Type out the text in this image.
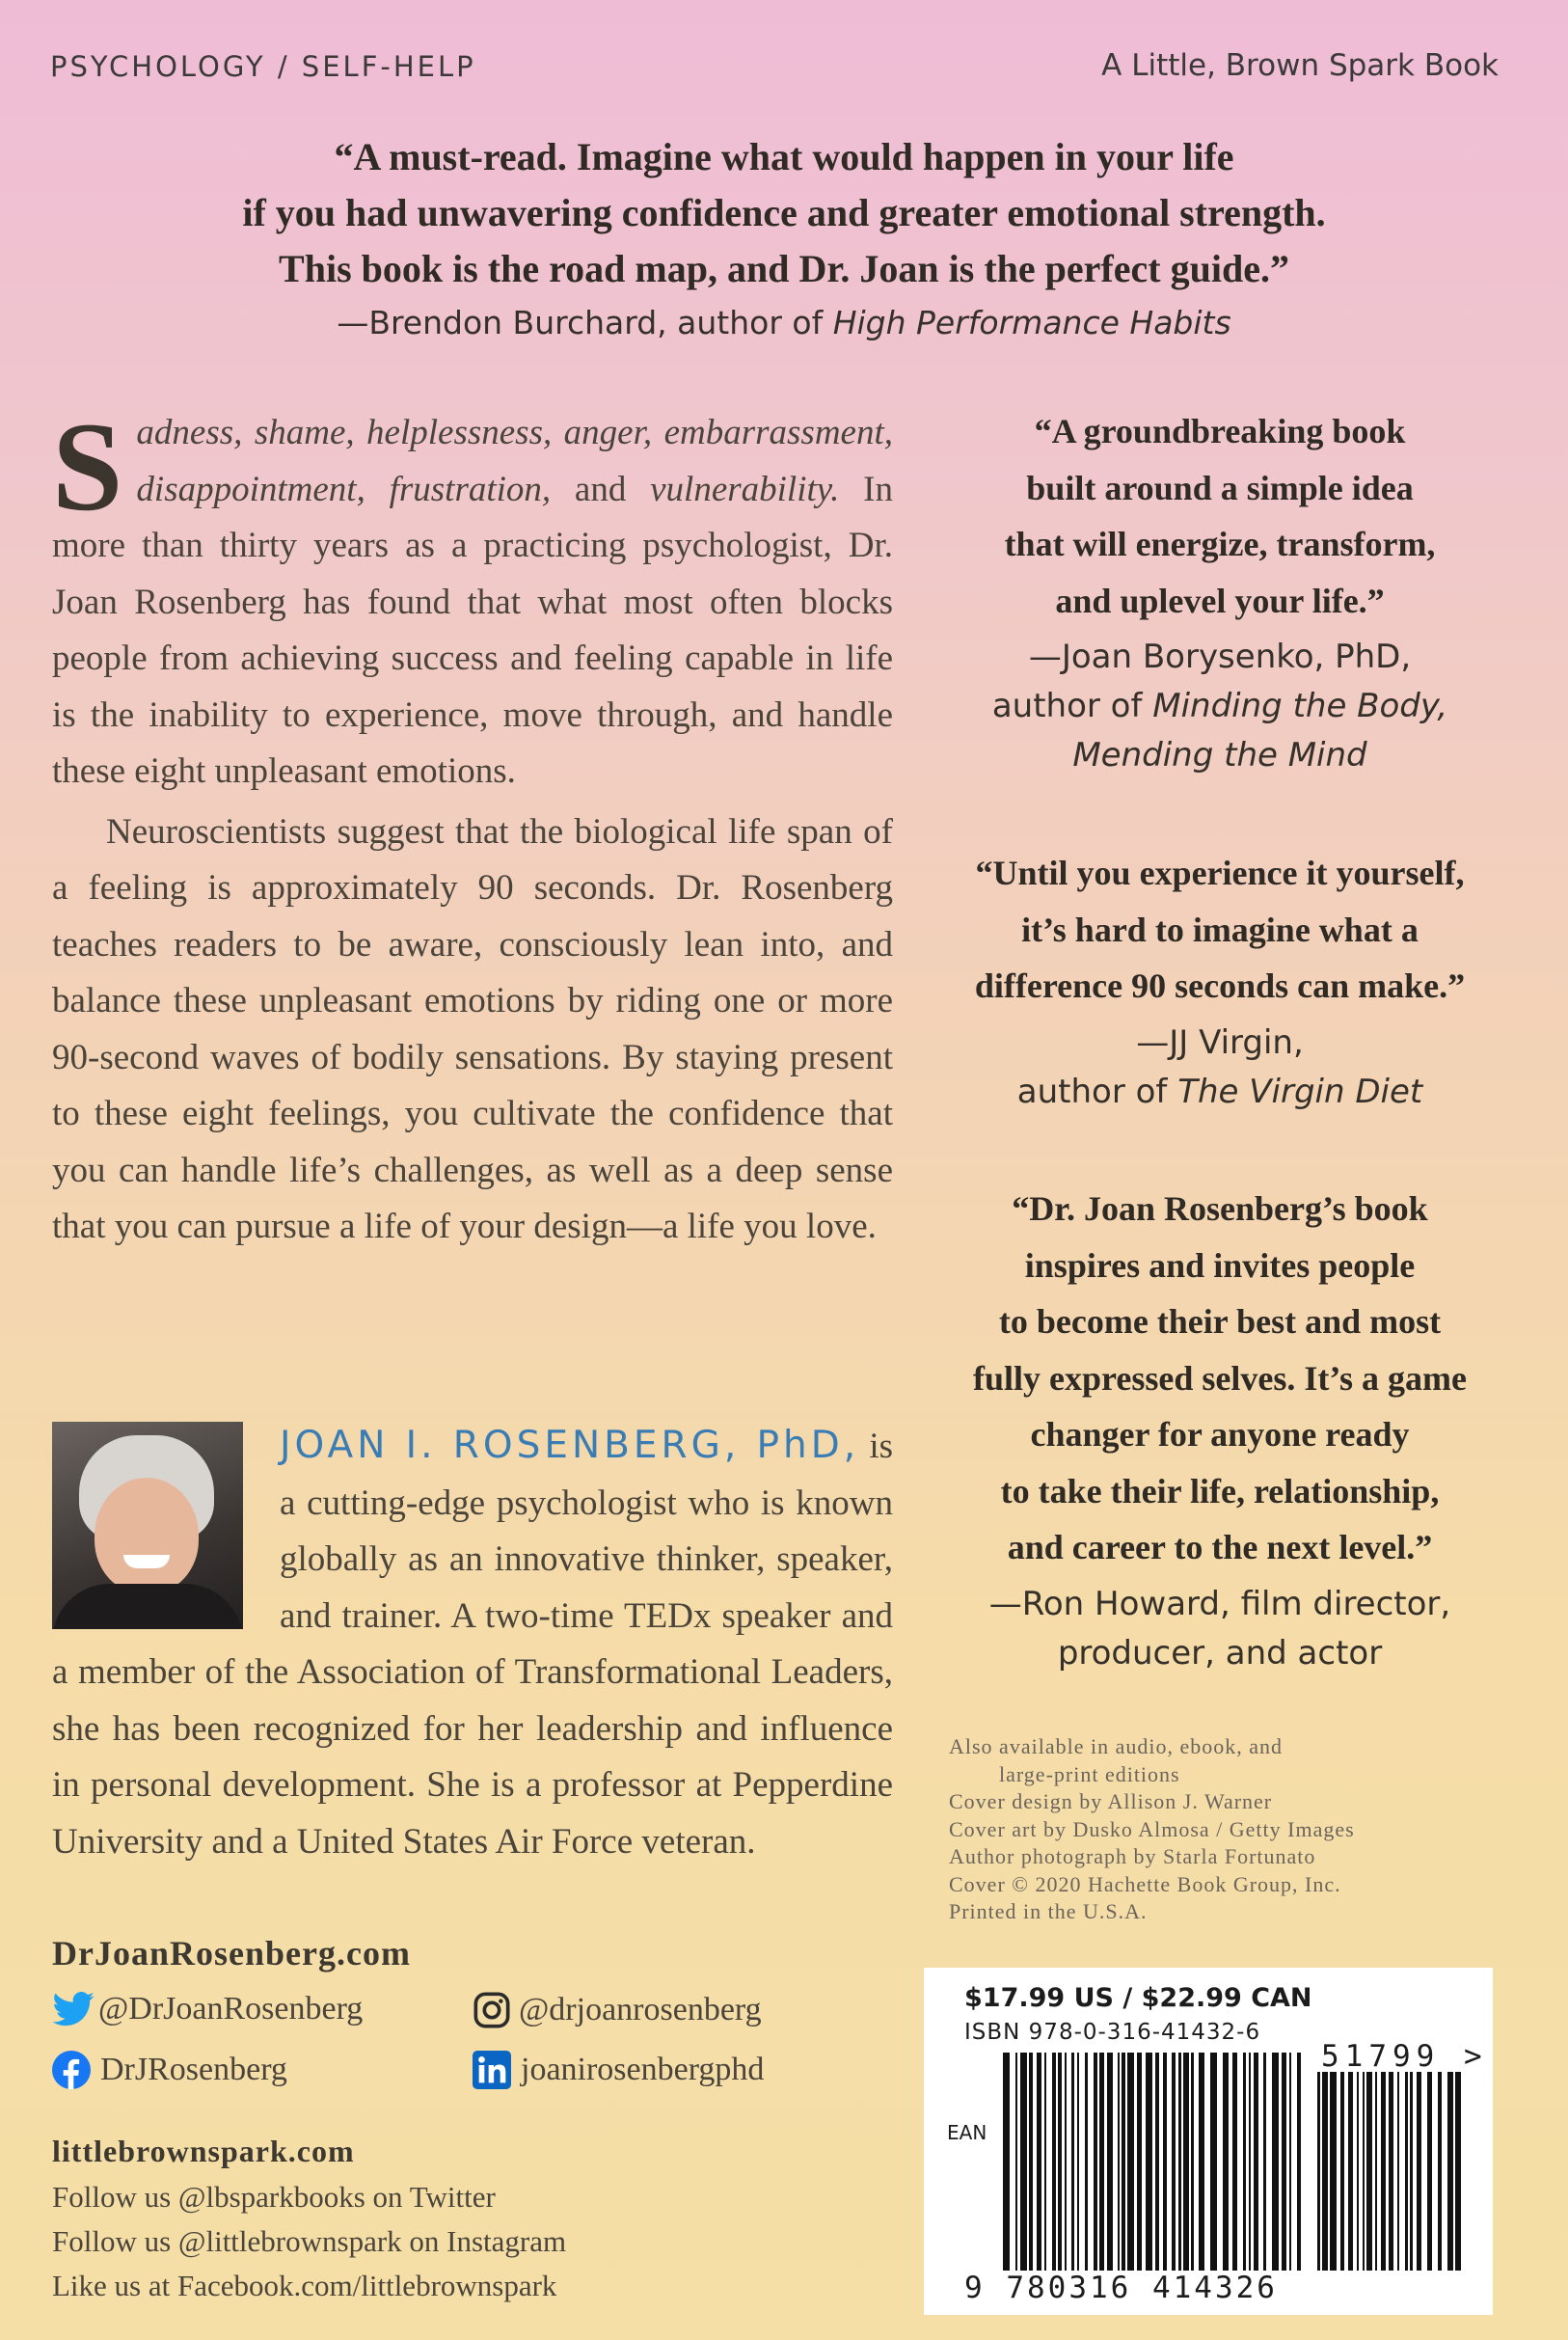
PSYCHOLOGY / SELF-HELP	A Little, Brown Spark Book
“A must-read. Imagine what would happen in your life
if you had unwavering confidence and greater emotional strength.
This book is the road map, and Dr. Joan is the perfect guide.”
—Brendon Burchard, author of High Performance Habits

Sadness, shame, helplessness, anger, embarrassment, disappointment, frustration, and vulnerability. In more than thirty years as a practicing psychologist, Dr. Joan Rosenberg has found that what most often blocks people from achieving success and feeling capable in life is the inability to experience, move through, and handle these eight unpleasant emotions.

Neuroscientists suggest that the biological life span of a feeling is approximately 90 seconds. Dr. Rosenberg teaches readers to be aware, consciously lean into, and balance these unpleasant emotions by riding one or more 90-second waves of bodily sensations. By staying present to these eight feelings, you cultivate the confidence that you can handle life’s challenges, as well as a deep sense that you can pursue a life of your design—a life you love.

JOAN I. ROSENBERG, PhD, is a cutting-edge psychologist who is known globally as an innovative thinker, speaker, and trainer. A two-time TEDx speaker and a member of the Association of Transformational Leaders, she has been recognized for her leadership and influence in personal development. She is a professor at Pepperdine University and a United States Air Force veteran.
DrJoanRosenberg.com
@DrJoanRosenberg	@drjoanrosenberg
DrJRosenberg	joanirosenbergphd
littlebrownspark.com
Follow us @lbsparkbooks on Twitter
Follow us @littlebrownspark on Instagram
Like us at Facebook.com/littlebrownspark
“A groundbreaking book
built around a simple idea
that will energize, transform,
and uplevel your life.”
—Joan Borysenko, PhD,
author of Minding the Body,
Mending the Mind
“Until you experience it yourself,
it’s hard to imagine what a
difference 90 seconds can make.”
—JJ Virgin,
author of The Virgin Diet
“Dr. Joan Rosenberg’s book
inspires and invites people
to become their best and most
fully expressed selves. It’s a game
changer for anyone ready
to take their life, relationship,
and career to the next level.”
—Ron Howard, film director,
producer, and actor
Also available in audio, ebook, and
large-print editions
Cover design by Allison J. Warner
Cover art by Dusko Almosa / Getty Images
Author photograph by Starla Fortunato
Cover © 2020 Hachette Book Group, Inc.
Printed in the U.S.A.
$17.99 US / $22.99 CAN
ISBN 978-0-316-41432-6
EAN
9 780316 414326
51799 >
